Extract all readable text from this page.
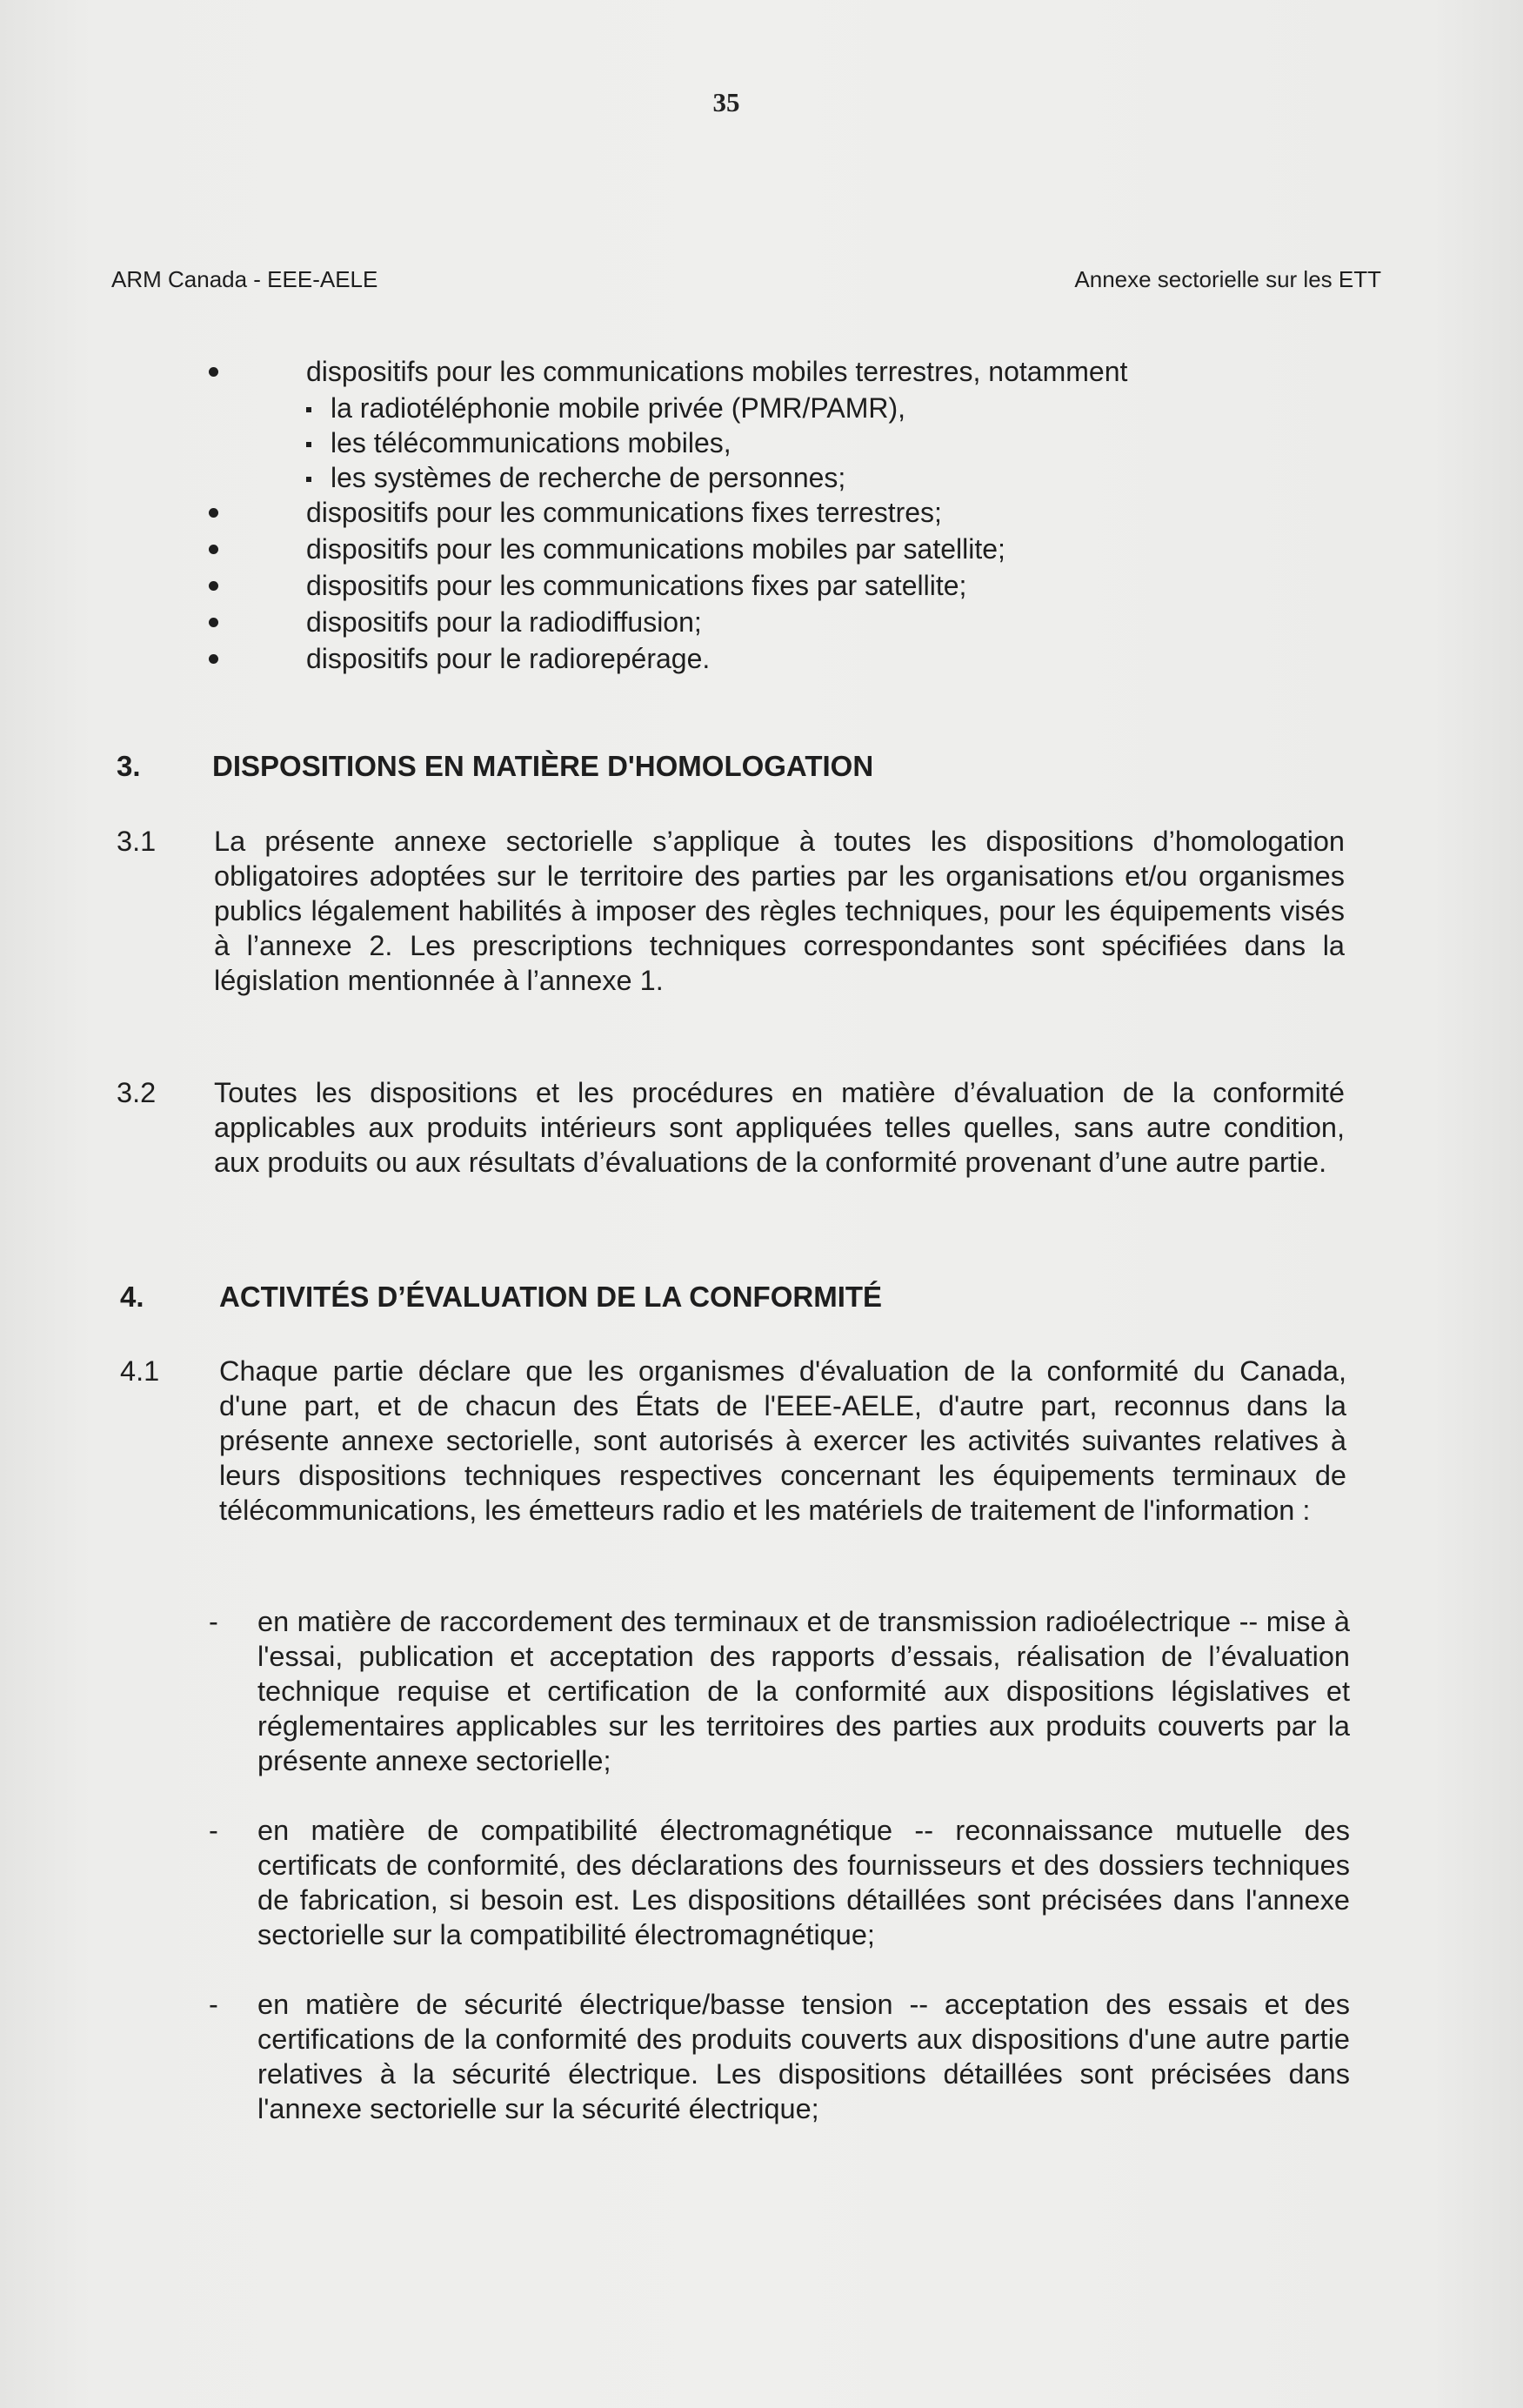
35
ARM Canada - EEE-AELE	Annexe sectorielle sur les ETT
dispositifs pour les communications mobiles terrestres, notamment
la radiotéléphonie mobile privée (PMR/PAMR),
les télécommunications mobiles,
les systèmes de recherche de personnes;
dispositifs pour les communications fixes terrestres;
dispositifs pour les communications mobiles par satellite;
dispositifs pour les communications fixes par satellite;
dispositifs pour la radiodiffusion;
dispositifs pour le radiorepérage.
3. DISPOSITIONS EN MATIÈRE D'HOMOLOGATION
3.1 La présente annexe sectorielle s’applique à toutes les dispositions d’homologation obligatoires adoptées sur le territoire des parties par les organisations et/ou organismes publics légalement habilités à imposer des règles techniques, pour les équipements visés à l’annexe 2. Les prescriptions techniques correspondantes sont spécifiées dans la législation mentionnée à l’annexe 1.
3.2 Toutes les dispositions et les procédures en matière d’évaluation de la conformité applicables aux produits intérieurs sont appliquées telles quelles, sans autre condition, aux produits ou aux résultats d’évaluations de la conformité provenant d’une autre partie.
4.	ACTIVITÉS D’ÉVALUATION DE LA CONFORMITÉ
4.1 Chaque partie déclare que les organismes d'évaluation de la conformité du Canada, d'une part, et de chacun des États de l'EEE-AELE, d'autre part, reconnus dans la présente annexe sectorielle, sont autorisés à exercer les activités suivantes relatives à leurs dispositions techniques respectives concernant les équipements terminaux de télécommunications, les émetteurs radio et les matériels de traitement de l'information :
- en matière de raccordement des terminaux et de transmission radioélectrique -- mise à l'essai, publication et acceptation des rapports d’essais, réalisation de l’évaluation technique requise et certification de la conformité aux dispositions législatives et réglementaires applicables sur les territoires des parties aux produits couverts par la présente annexe sectorielle;
- en matière de compatibilité électromagnétique -- reconnaissance mutuelle des certificats de conformité, des déclarations des fournisseurs et des dossiers techniques de fabrication, si besoin est. Les dispositions détaillées sont précisées dans l'annexe sectorielle sur la compatibilité électromagnétique;
- en matière de sécurité électrique/basse tension -- acceptation des essais et des certifications de la conformité des produits couverts aux dispositions d'une autre partie relatives à la sécurité électrique. Les dispositions détaillées sont précisées dans l'annexe sectorielle sur la sécurité électrique;
